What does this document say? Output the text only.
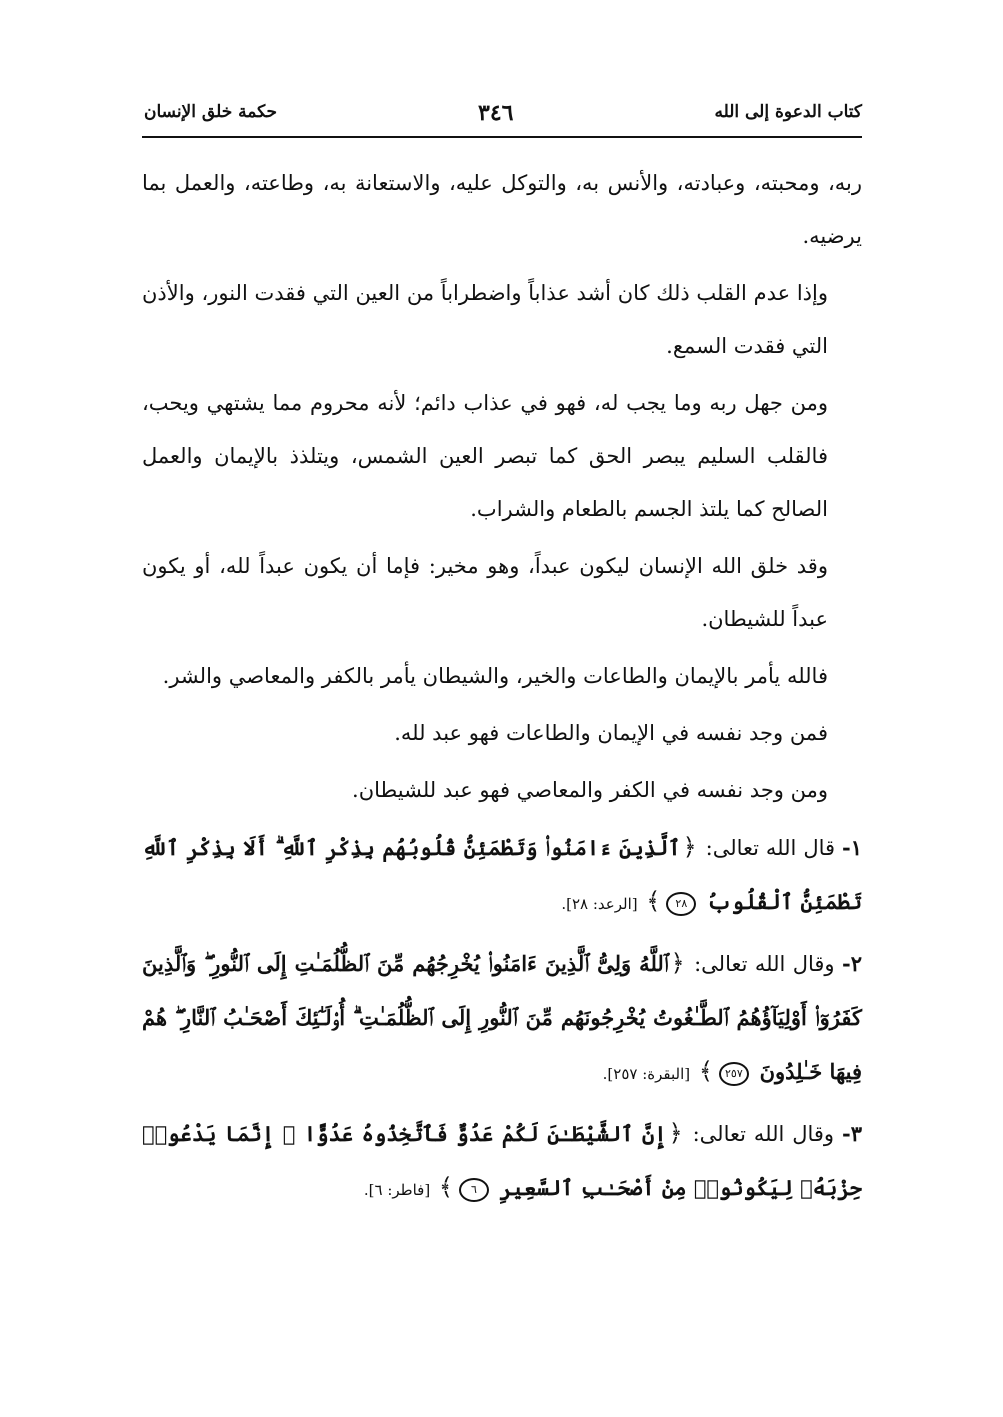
كتاب الدعوة إلى الله
٣٤٦
حكمة خلق الإنسان

ربه، ومحبته، وعبادته، والأنس به، والتوكل عليه، والاستعانة به، وطاعته، والعمل بما يرضيه.

وإذا عدم القلب ذلك كان أشد عذاباً واضطراباً من العين التي فقدت النور، والأذن التي فقدت السمع.

ومن جهل ربه وما يجب له، فهو في عذاب دائم؛ لأنه محروم مما يشتهي ويحب، فالقلب السليم يبصر الحق كما تبصر العين الشمس، ويتلذذ بالإيمان والعمل الصالح كما يلتذ الجسم بالطعام والشراب.

وقد خلق الله الإنسان ليكون عبداً، وهو مخير: فإما أن يكون عبداً لله، أو يكون عبداً للشيطان.

فالله يأمر بالإيمان والطاعات والخير، والشيطان يأمر بالكفر والمعاصي والشر.

فمن وجد نفسه في الإيمان والطاعات فهو عبد لله.

ومن وجد نفسه في الكفر والمعاصي فهو عبد للشيطان.

١- قال الله تعالى: ﴿ٱلَّذِينَ ءَامَنُوا۟ وَتَطْمَئِنُّ قُلُوبُهُم بِذِكْرِ ٱللَّهِ ۗ أَلَا بِذِكْرِ ٱللَّهِ تَطْمَئِنُّ ٱلْقُلُوبُ ٢٨﴾ [الرعد: ٢٨].

٢- وقال الله تعالى: ﴿ٱللَّهُ وَلِىُّ ٱلَّذِينَ ءَامَنُوا۟ يُخْرِجُهُم مِّنَ ٱلظُّلُمَـٰتِ إِلَى ٱلنُّورِ ۖ وَٱلَّذِينَ كَفَرُوٓا۟ أَوْلِيَآؤُهُمُ ٱلطَّـٰغُوتُ يُخْرِجُونَهُم مِّنَ ٱلنُّورِ إِلَى ٱلظُّلُمَـٰتِ ۗ أُو۟لَـٰٓئِكَ أَصْحَـٰبُ ٱلنَّارِ ۖ هُمْ فِيهَا خَـٰلِدُونَ ٢٥٧﴾ [البقرة: ٢٥٧].

٣- وقال الله تعالى: ﴿إِنَّ ٱلشَّيْطَـٰنَ لَكُمْ عَدُوٌّ فَٱتَّخِذُوهُ عَدُوًّا ۚ إِنَّمَا يَدْعُوا۟ حِزْبَهُۥ لِيَكُونُوا۟ مِنْ أَصْحَـٰبِ ٱلسَّعِيرِ ٦﴾ [فاطر: ٦].
